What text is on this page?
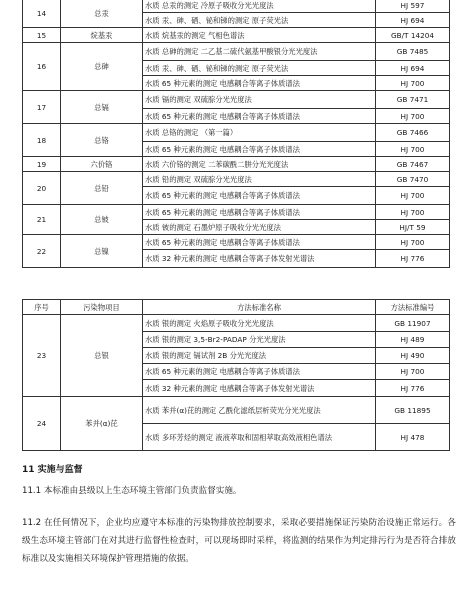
14	总汞	水质 总汞的测定 冷原子吸收分光光度法	HJ 597
		水质 汞、砷、硒、铋和锑的测定 原子荧光法	HJ 694
15	烷基汞	水质 烷基汞的测定 气相色谱法	GB/T 14204
16	总砷	水质 总砷的测定 二乙基二硫代氨基甲酸银分光光度法	GB 7485
		水质 汞、砷、硒、铋和锑的测定 原子荧光法	HJ 694
		水质 65 种元素的测定 电感耦合等离子体质谱法	HJ 700
17	总镉	水质 镉的测定 双硫腙分光光度法	GB 7471
		水质 65 种元素的测定 电感耦合等离子体质谱法	HJ 700
18	总铬	水质 总铬的测定 （第一篇）	GB 7466
		水质 65 种元素的测定 电感耦合等离子体质谱法	HJ 700
19	六价铬	水质 六价铬的测定 二苯碳酰二肼分光光度法	GB 7467
20	总铅	水质 铅的测定 双硫腙分光光度法	GB 7470
		水质 65 种元素的测定 电感耦合等离子体质谱法	HJ 700
21	总铍	水质 65 种元素的测定 电感耦合等离子体质谱法	HJ 700
		水质 铍的测定 石墨炉原子吸收分光光度法	HJ/T 59
22	总镍	水质 65 种元素的测定 电感耦合等离子体质谱法	HJ 700
		水质 32 种元素的测定 电感耦合等离子体发射光谱法	HJ 776
序号	污染物项目	方法标准名称	方法标准编号
23	总银	水质 银的测定 火焰原子吸收分光光度法	GB 11907
		水质 银的测定 3,5-Br2-PADAP 分光光度法	HJ 489
		水质 银的测定 镉试剂 2B 分光光度法	HJ 490
		水质 65 种元素的测定 电感耦合等离子体质谱法	HJ 700
		水质 32 种元素的测定 电感耦合等离子体发射光谱法	HJ 776
24	苯并(α)芘	水质 苯并(α)芘的测定 乙酰化滤纸层析荧光分光光度法	GB 11895
		水质 多环芳烃的测定 液液萃取和固相萃取高效液相色谱法	HJ 478
11 实施与监督
11.1 本标准由县级以上生态环境主管部门负责监督实施。
11.2 在任何情况下，企业均应遵守本标准的污染物排放控制要求，采取必要措施保证污染防治设施正常运行。各级生态环境主管部门在对其进行监督性检查时，可以现场即时采样，将监测的结果作为判定排污行为是否符合排放标准以及实施相关环境保护管理措施的依据。
